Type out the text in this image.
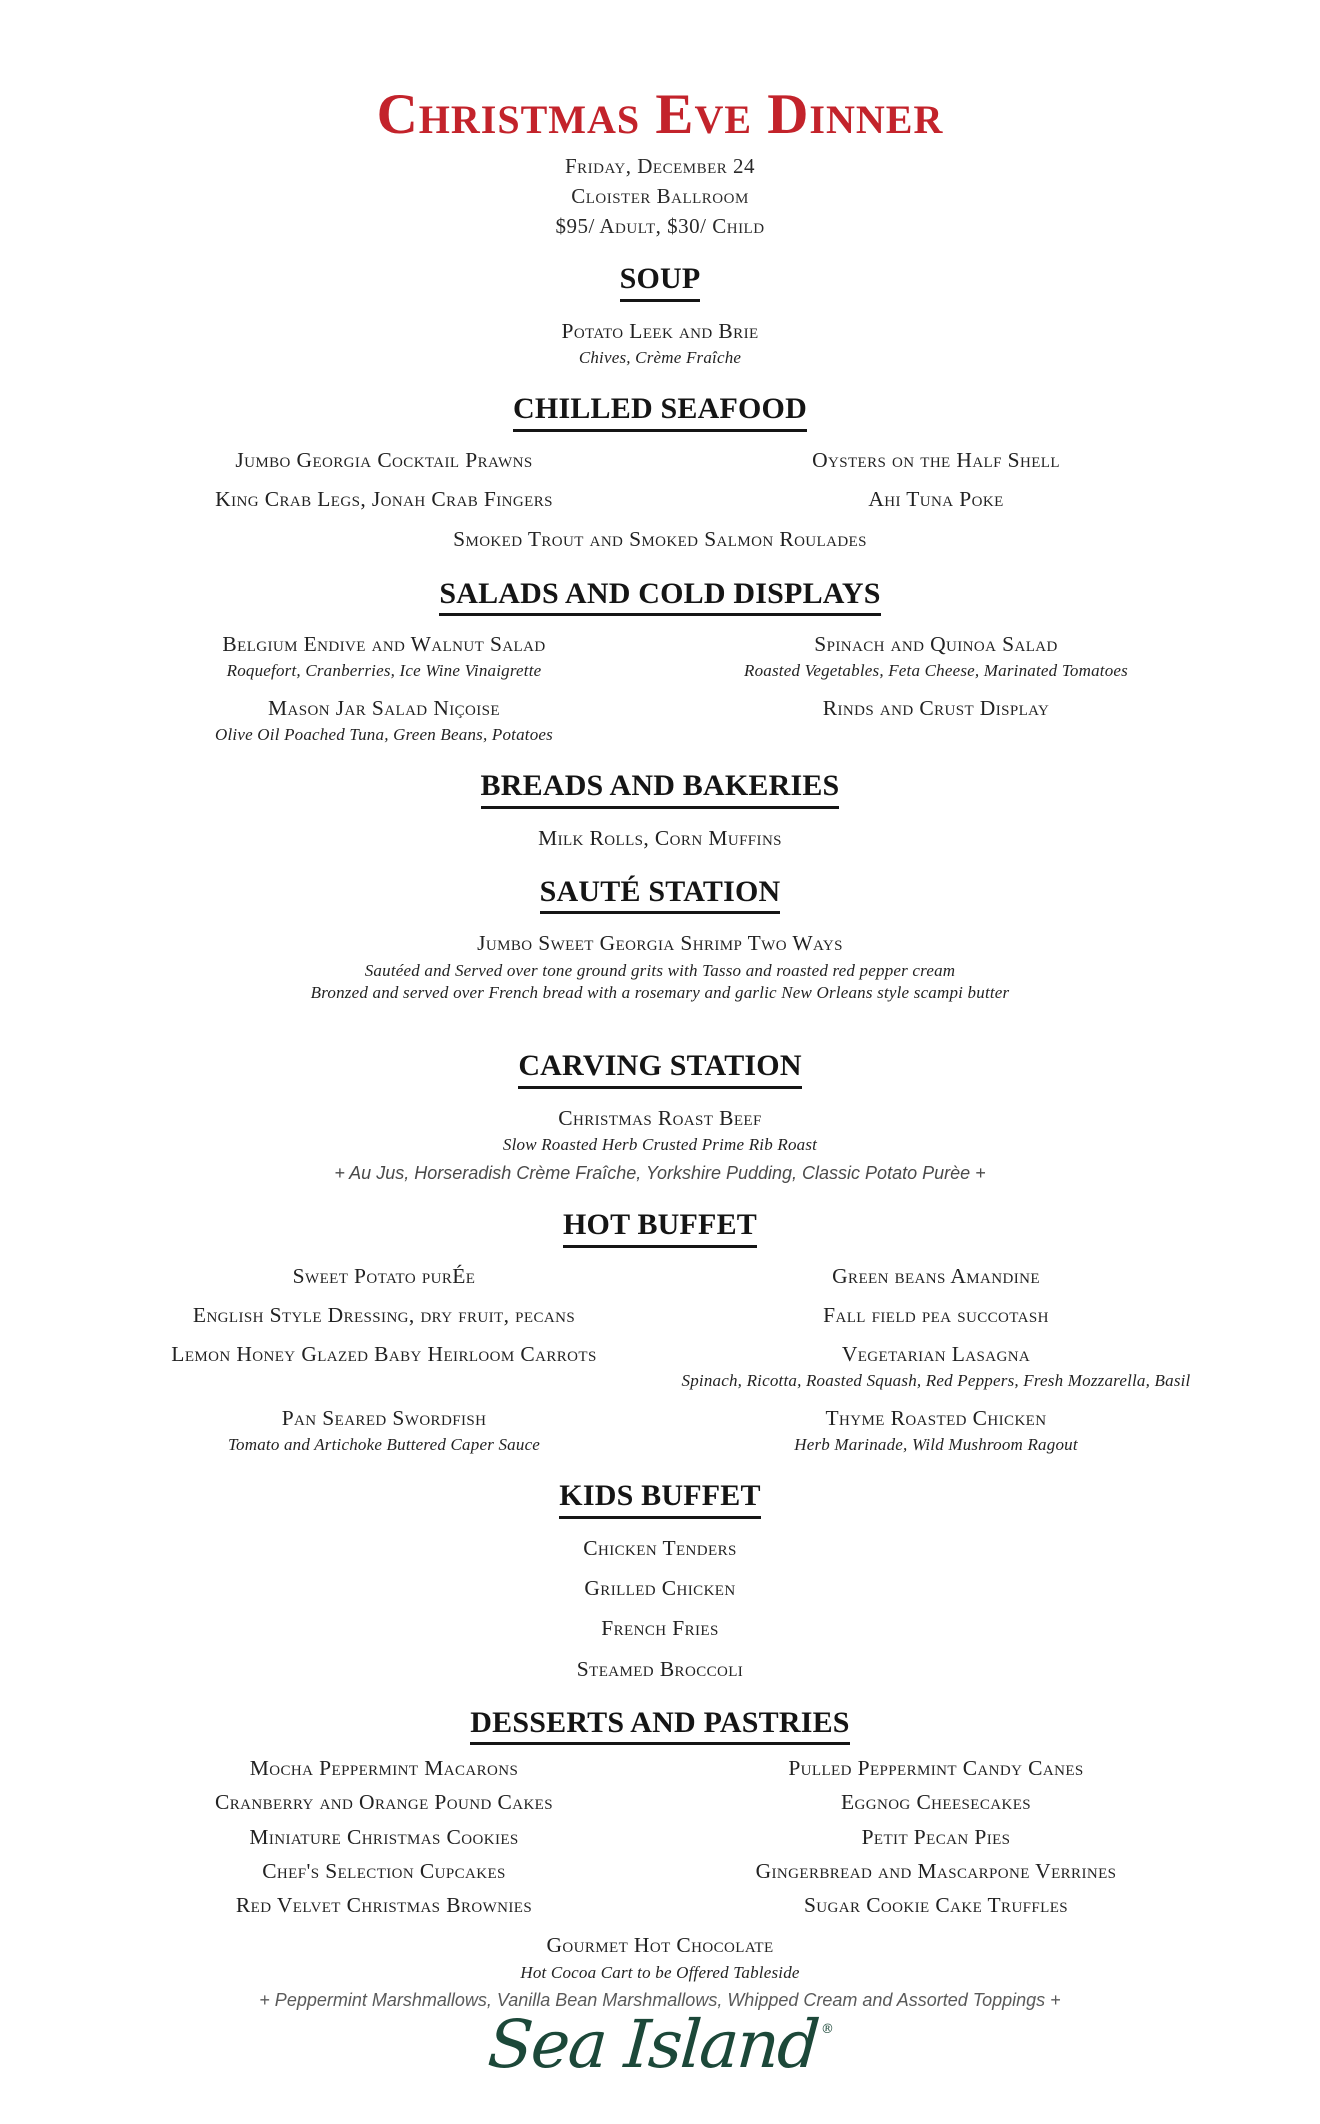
Christmas Eve Dinner
Friday, December 24
Cloister Ballroom
$95/ Adult, $30/ Child
SOUP
Potato Leek and Brie
Chives, Crème Fraîche
CHILLED SEAFOOD
Jumbo Georgia Cocktail Prawns	Oysters on the Half Shell
King Crab Legs, Jonah Crab Fingers	Ahi Tuna Poke
Smoked Trout and Smoked Salmon Roulades
SALADS AND COLD DISPLAYS
Belgium Endive and Walnut Salad
Roquefort, Cranberries, Ice Wine Vinaigrette
Spinach and Quinoa Salad
Roasted Vegetables, Feta Cheese, Marinated Tomatoes
Mason Jar Salad Niçoise
Olive Oil Poached Tuna, Green Beans, Potatoes
Rinds and Crust Display
BREADS AND BAKERIES
Milk Rolls, Corn Muffins
SAUTÉ STATION
Jumbo Sweet Georgia Shrimp Two Ways
Sautéed and Served over tone ground grits with Tasso and roasted red pepper cream
Bronzed and served over French bread with a rosemary and garlic New Orleans style scampi butter
CARVING STATION
Christmas Roast Beef
Slow Roasted Herb Crusted Prime Rib Roast
+ Au Jus, Horseradish Crème Fraîche, Yorkshire Pudding, Classic Potato Purèe +
HOT BUFFET
Sweet Potato purÉe	Green beans Amandine
English Style Dressing, dry fruit, pecans	Fall field pea succotash
Lemon Honey Glazed Baby Heirloom Carrots	Vegetarian Lasagna
Spinach, Ricotta, Roasted Squash, Red Peppers, Fresh Mozzarella, Basil
Pan Seared Swordfish
Tomato and Artichoke Buttered Caper Sauce
Thyme Roasted Chicken
Herb Marinade, Wild Mushroom Ragout
KIDS BUFFET
Chicken Tenders
Grilled Chicken
French Fries
Steamed Broccoli
DESSERTS AND PASTRIES
Mocha Peppermint Macarons	Pulled Peppermint Candy Canes
Cranberry and Orange Pound Cakes	Eggnog Cheesecakes
Miniature Christmas Cookies	Petit Pecan Pies
Chef's Selection Cupcakes	Gingerbread and Mascarpone Verrines
Red Velvet Christmas Brownies	Sugar Cookie Cake Truffles
Gourmet Hot Chocolate
Hot Cocoa Cart to be Offered Tableside
+ Peppermint Marshmallows, Vanilla Bean Marshmallows, Whipped Cream and Assorted Toppings +
Sea Island®
